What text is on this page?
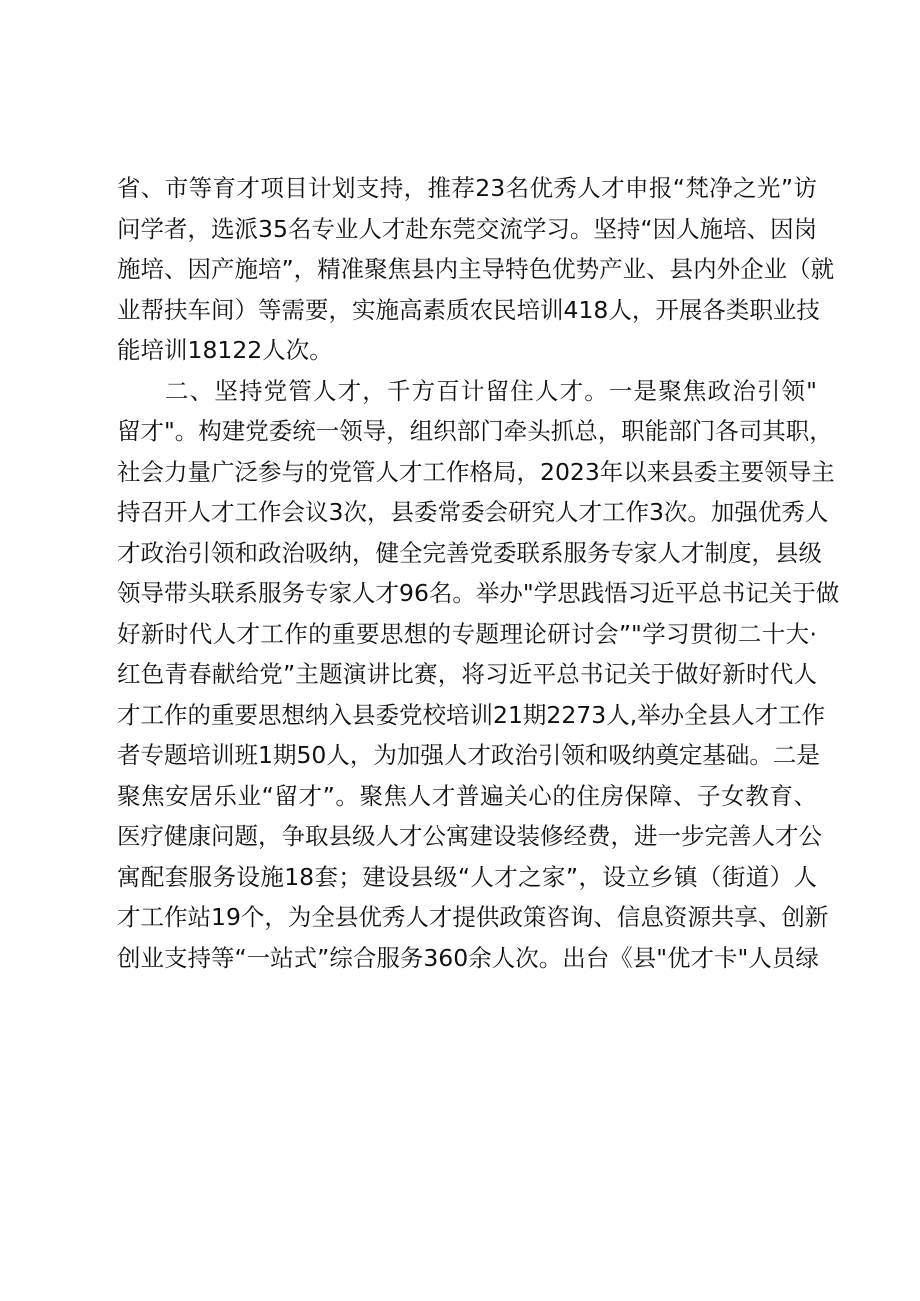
省、市等育才项目计划支持，推荐23名优秀人才申报“梵净之光”访
问学者，选派35名专业人才赴东莞交流学习。坚持“因人施培、因岗
施培、因产施培”，精准聚焦县内主导特色优势产业、县内外企业（就
业帮扶车间）等需要，实施高素质农民培训418人，开展各类职业技
能培训18122人次。
二、坚持党管人才，千方百计留住人才。一是聚焦政治引领"
留才"。构建党委统一领导，组织部门牵头抓总，职能部门各司其职，
社会力量广泛参与的党管人才工作格局，2023年以来县委主要领导主
持召开人才工作会议3次，县委常委会研究人才工作3次。加强优秀人
才政治引领和政治吸纳，健全完善党委联系服务专家人才制度，县级
领导带头联系服务专家人才96名。举办"学思践悟习近平总书记关于做
好新时代人才工作的重要思想的专题理论研讨会”"学习贯彻二十大·
红色青春献给党”主题演讲比赛，将习近平总书记关于做好新时代人
才工作的重要思想纳入县委党校培训21期2273人,举办全县人才工作
者专题培训班1期50人，为加强人才政治引领和吸纳奠定基础。二是
聚焦安居乐业“留才”。聚焦人才普遍关心的住房保障、子女教育、
医疗健康问题，争取县级人才公寓建设装修经费，进一步完善人才公
寓配套服务设施18套；建设县级“人才之家”，设立乡镇（街道）人
才工作站19个，为全县优秀人才提供政策咨询、信息资源共享、创新
创业支持等“一站式”综合服务360余人次。出台《县"优才卡"人员绿
